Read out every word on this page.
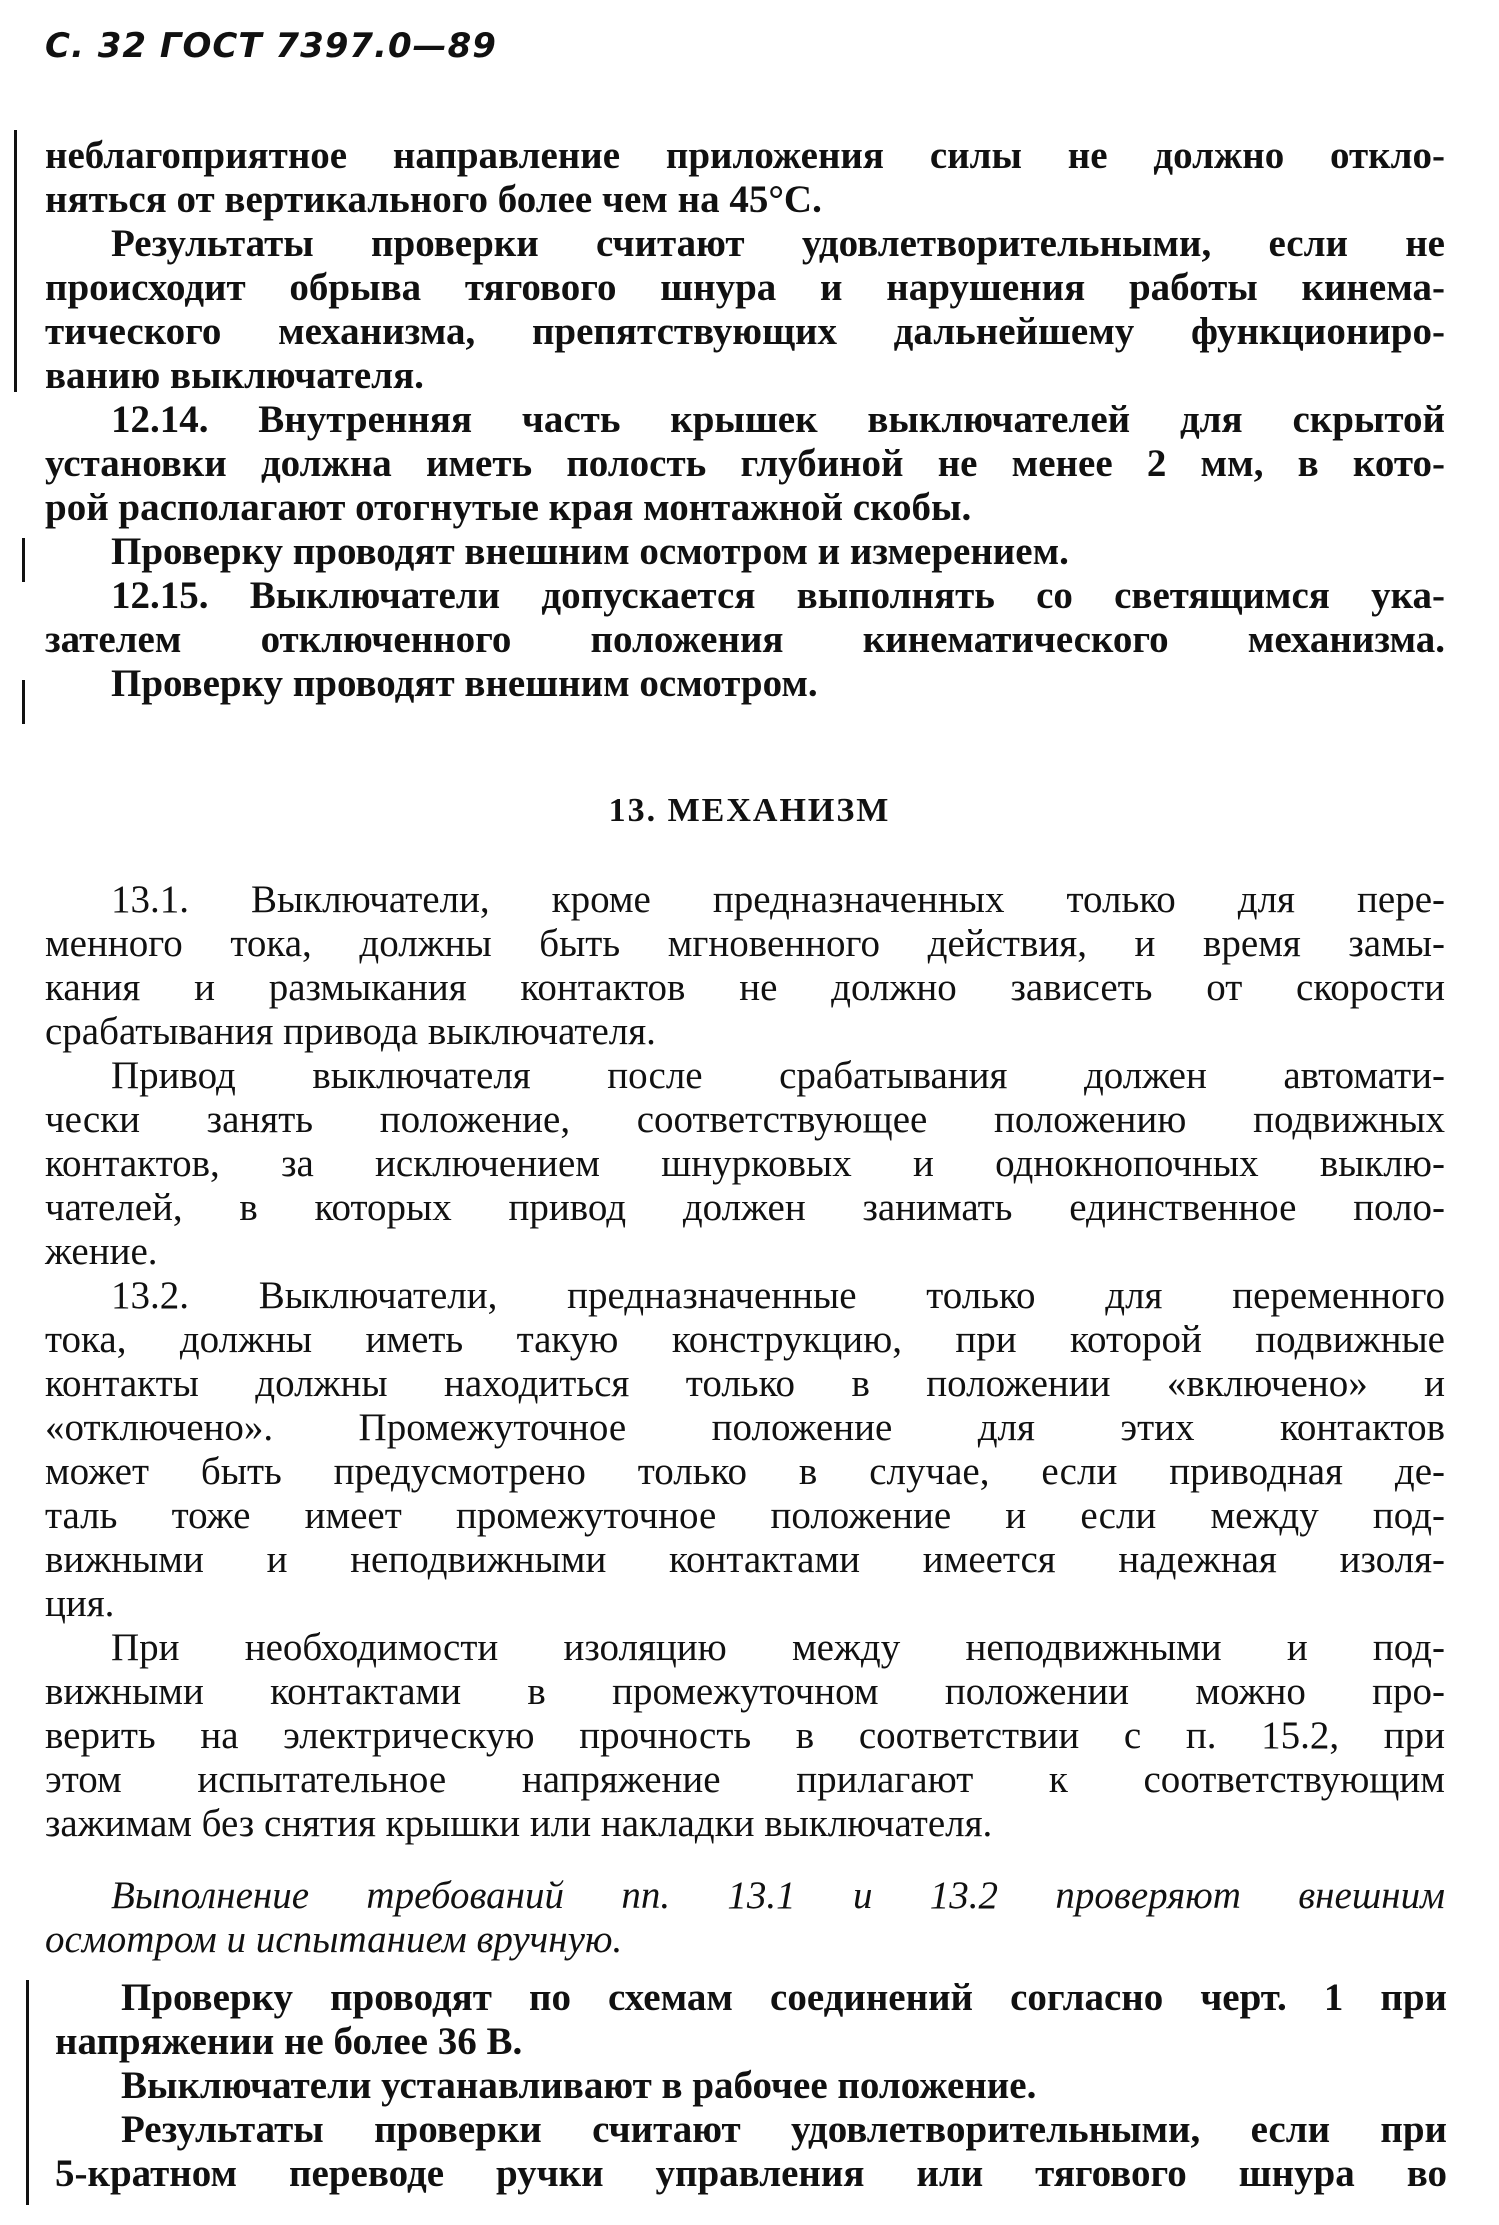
С. 32 ГОСТ 7397.0—89
неблагоприятное направление приложения силы не должно откло-
няться от вертикального более чем на 45°С.
Результаты проверки считают удовлетворительными, если не
происходит обрыва тягового шнура и нарушения работы кинема-
тического механизма, препятствующих дальнейшему функциониро-
ванию выключателя.
12.14. Внутренняя часть крышек выключателей для скрытой
установки должна иметь полость глубиной не менее 2 мм, в кото-
рой располагают отогнутые края монтажной скобы.
Проверку проводят внешним осмотром и измерением.
12.15. Выключатели допускается выполнять со светящимся ука-
зателем отключенного положения кинематического механизма.
Проверку проводят внешним осмотром.
13. МЕХАНИЗМ
13.1. Выключатели, кроме предназначенных только для пере-
менного тока, должны быть мгновенного действия, и время замы-
кания и размыкания контактов не должно зависеть от скорости
срабатывания привода выключателя.
Привод выключателя после срабатывания должен автомати-
чески занять положение, соответствующее положению подвижных
контактов, за исключением шнурковых и однокнопочных выклю-
чателей, в которых привод должен занимать единственное поло-
жение.
13.2. Выключатели, предназначенные только для переменного
тока, должны иметь такую конструкцию, при которой подвижные
контакты должны находиться только в положении «включено» и
«отключено». Промежуточное положение для этих контактов
может быть предусмотрено только в случае, если приводная де-
таль тоже имеет промежуточное положение и если между под-
вижными и неподвижными контактами имеется надежная изоля-
ция.
При необходимости изоляцию между неподвижными и под-
вижными контактами в промежуточном положении можно про-
верить на электрическую прочность в соответствии с п. 15.2, при
этом испытательное напряжение прилагают к соответствующим
зажимам без снятия крышки или накладки выключателя.
Выполнение требований пп. 13.1 и 13.2 проверяют внешним
осмотром и испытанием вручную.
Проверку проводят по схемам соединений согласно черт. 1 при
напряжении не более 36 В.
Выключатели устанавливают в рабочее положение.
Результаты проверки считают удовлетворительными, если при
5-кратном переводе ручки управления или тягового шнура во
